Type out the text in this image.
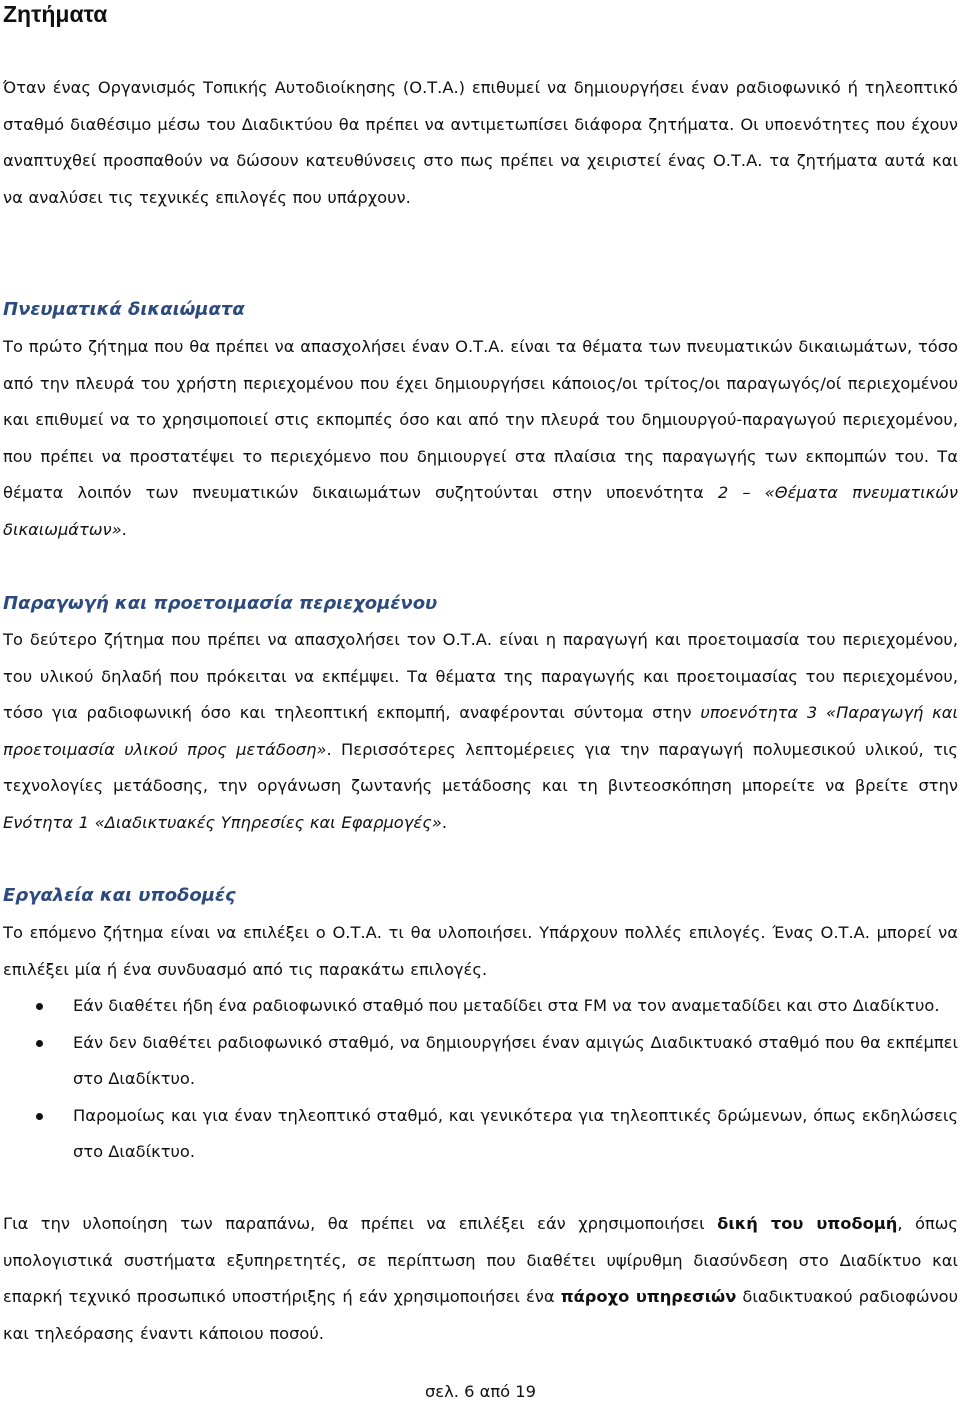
Ζητήματα

Όταν ένας Οργανισμός Τοπικής Αυτοδιοίκησης (Ο.Τ.Α.) επιθυμεί να δημιουργήσει έναν ραδιοφωνικό ή τηλεοπτικό σταθμό διαθέσιμο μέσω του Διαδικτύου θα πρέπει να αντιμετωπίσει διάφορα ζητήματα. Οι υποενότητες που έχουν αναπτυχθεί προσπαθούν να δώσουν κατευθύνσεις στο πως πρέπει να χειριστεί ένας Ο.Τ.Α. τα ζητήματα αυτά και να αναλύσει τις τεχνικές επιλογές που υπάρχουν.

Πνευματικά δικαιώματα

Το πρώτο ζήτημα που θα πρέπει να απασχολήσει έναν Ο.Τ.Α. είναι τα θέματα των πνευματικών δικαιωμάτων, τόσο από την πλευρά του χρήστη περιεχομένου που έχει δημιουργήσει κάποιος/οι τρίτος/οι παραγωγός/οί περιεχομένου και επιθυμεί να το χρησιμοποιεί στις εκπομπές όσο και από την πλευρά του δημιουργού-παραγωγού περιεχομένου, που πρέπει να προστατέψει το περιεχόμενο που δημιουργεί στα πλαίσια της παραγωγής των εκπομπών του. Τα θέματα λοιπόν των πνευματικών δικαιωμάτων συζητούνται στην υποενότητα 2 – «Θέματα πνευματικών δικαιωμάτων».

Παραγωγή και προετοιμασία περιεχομένου

Το δεύτερο ζήτημα που πρέπει να απασχολήσει τον Ο.Τ.Α. είναι η παραγωγή και προετοιμασία του περιεχομένου, του υλικού δηλαδή που πρόκειται να εκπέμψει. Τα θέματα της παραγωγής και προετοιμασίας του περιεχομένου, τόσο για ραδιοφωνική όσο και τηλεοπτική εκπομπή, αναφέρονται σύντομα στην υποενότητα 3 «Παραγωγή και προετοιμασία υλικού προς μετάδοση». Περισσότερες λεπτομέρειες για την παραγωγή πολυμεσικού υλικού, τις τεχνολογίες μετάδοσης, την οργάνωση ζωντανής μετάδοσης και τη βιντεοσκόπηση μπορείτε να βρείτε στην Ενότητα 1 «Διαδικτυακές Υπηρεσίες και Εφαρμογές».

Εργαλεία και υποδομές

Το επόμενο ζήτημα είναι να επιλέξει ο Ο.Τ.Α. τι θα υλοποιήσει. Υπάρχουν πολλές επιλογές. Ένας Ο.Τ.Α. μπορεί να επιλέξει μία ή ένα συνδυασμό από τις παρακάτω επιλογές.

Εάν διαθέτει ήδη ένα ραδιοφωνικό σταθμό που μεταδίδει στα FM να τον αναμεταδίδει και στο Διαδίκτυο.
Εάν δεν διαθέτει ραδιοφωνικό σταθμό, να δημιουργήσει έναν αμιγώς Διαδικτυακό σταθμό που θα εκπέμπει στο Διαδίκτυο.
Παρομοίως και για έναν τηλεοπτικό σταθμό, και γενικότερα για τηλεοπτικές δρώμενων, όπως εκδηλώσεις στο Διαδίκτυο.

Για την υλοποίηση των παραπάνω, θα πρέπει να επιλέξει εάν χρησιμοποιήσει δική του υποδομή, όπως υπολογιστικά συστήματα εξυπηρετητές, σε περίπτωση που διαθέτει υψίρυθμη διασύνδεση στο Διαδίκτυο και επαρκή τεχνικό προσωπικό υποστήριξης ή εάν χρησιμοποιήσει ένα πάροχο υπηρεσιών διαδικτυακού ραδιοφώνου και τηλεόρασης έναντι κάποιου ποσού.

σελ. 6 από 19
